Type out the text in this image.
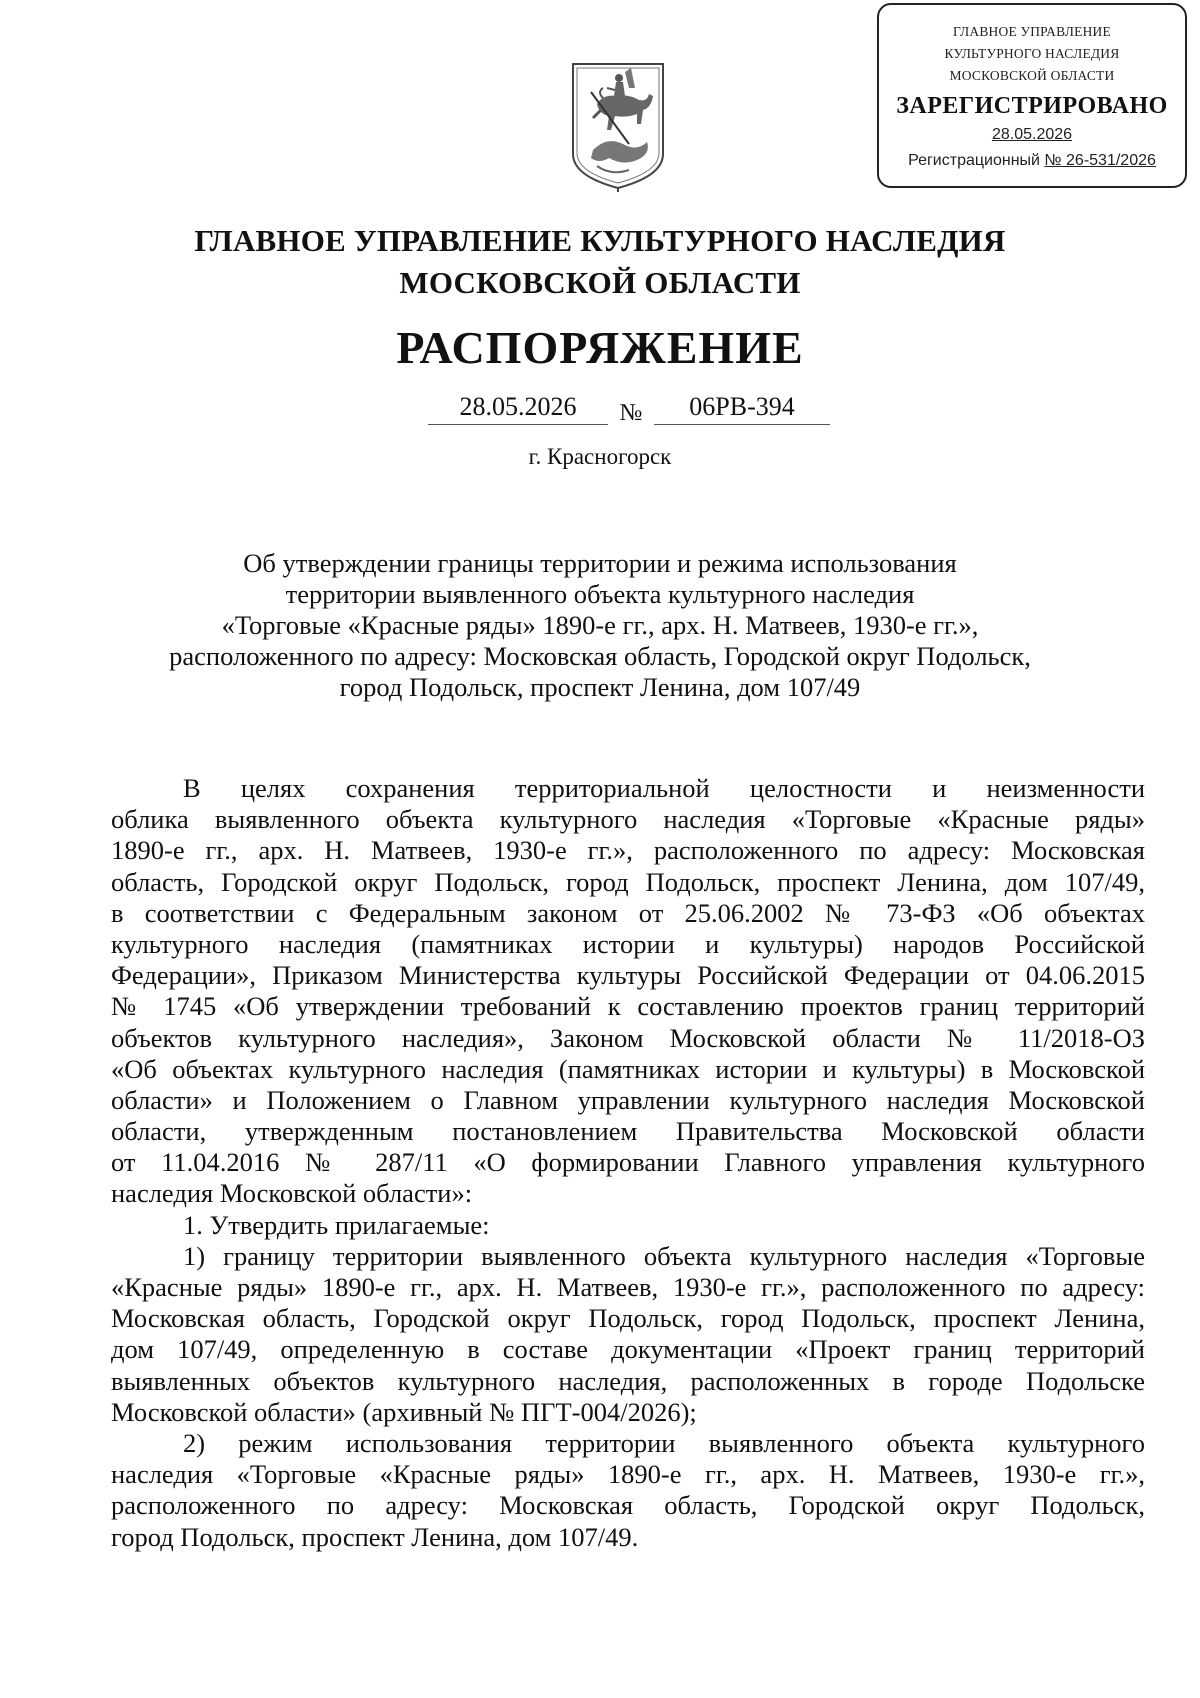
ГЛАВНОЕ УПРАВЛЕНИЕ
КУЛЬТУРНОГО НАСЛЕДИЯ
МОСКОВСКОЙ ОБЛАСТИ
ЗАРЕГИСТРИРОВАНО
28.05.2026
Регистрационный № 26-531/2026
ГЛАВНОЕ УПРАВЛЕНИЕ КУЛЬТУРНОГО НАСЛЕДИЯ
МОСКОВСКОЙ ОБЛАСТИ
РАСПОРЯЖЕНИЕ
28.05.2026	№	06РВ-394
г. Красногорск
Об утверждении границы территории и режима использования
территории выявленного объекта культурного наследия
«Торговые «Красные ряды» 1890-е гг., арх. Н. Матвеев, 1930-е гг.»,
расположенного по адресу: Московская область, Городской округ Подольск,
город Подольск, проспект Ленина, дом 107/49
В целях сохранения территориальной целостности и неизменности
облика выявленного объекта культурного наследия «Торговые «Красные ряды»
1890-е гг., арх. Н. Матвеев, 1930-е гг.», расположенного по адресу: Московская
область, Городской округ Подольск, город Подольск, проспект Ленина, дом 107/49,
в соответствии с Федеральным законом от 25.06.2002 № 73-ФЗ «Об объектах
культурного наследия (памятниках истории и культуры) народов Российской
Федерации», Приказом Министерства культуры Российской Федерации от 04.06.2015
№ 1745 «Об утверждении требований к составлению проектов границ территорий
объектов культурного наследия», Законом Московской области № 11/2018-ОЗ
«Об объектах культурного наследия (памятниках истории и культуры) в Московской
области» и Положением о Главном управлении культурного наследия Московской
области, утвержденным постановлением Правительства Московской области
от 11.04.2016 № 287/11 «О формировании Главного управления культурного
наследия Московской области»:
1. Утвердить прилагаемые:
1) границу территории выявленного объекта культурного наследия «Торговые
«Красные ряды» 1890-е гг., арх. Н. Матвеев, 1930-е гг.», расположенного по адресу:
Московская область, Городской округ Подольск, город Подольск, проспект Ленина,
дом 107/49, определенную в составе документации «Проект границ территорий
выявленных объектов культурного наследия, расположенных в городе Подольске
Московской области» (архивный № ПГТ-004/2026);
2) режим использования территории выявленного объекта культурного
наследия «Торговые «Красные ряды» 1890-е гг., арх. Н. Матвеев, 1930-е гг.»,
расположенного по адресу: Московская область, Городской округ Подольск,
город Подольск, проспект Ленина, дом 107/49.
